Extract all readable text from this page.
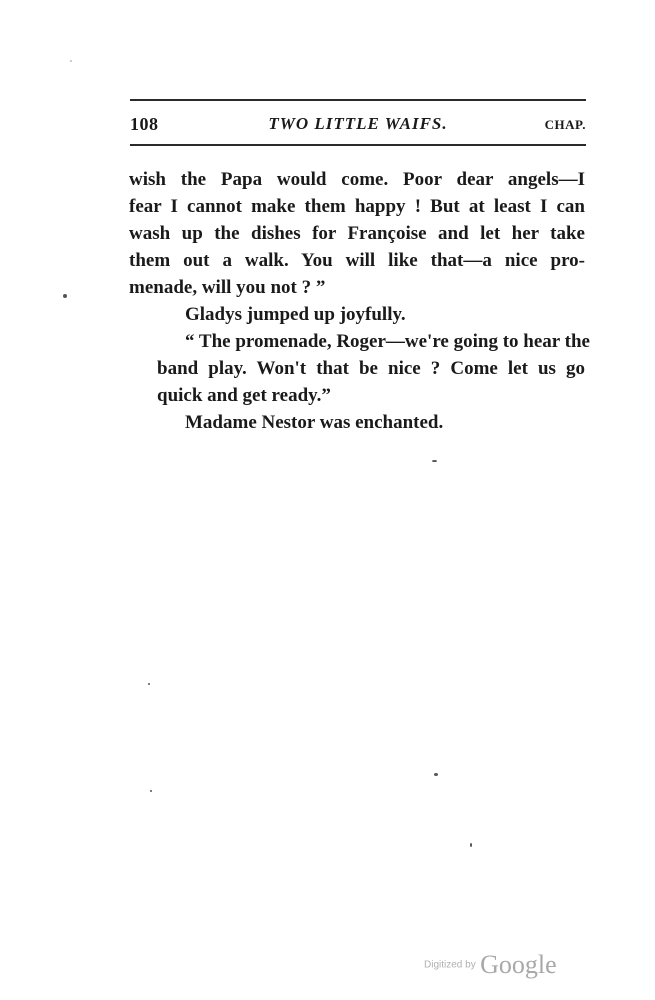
108	TWO LITTLE WAIFS.	CHAP.

wish the Papa would come. Poor dear angels—I
fear I cannot make them happy ! But at least I can
wash up the dishes for Françoise and let her take
them out a walk. You will like that—a nice pro-
menade, will you not ? ”

Gladys jumped up joyfully.

“ The promenade, Roger—we're going to hear the
band play. Won't that be nice ? Come let us go
quick and get ready.”

Madame Nestor was enchanted.

Digitized by Google
